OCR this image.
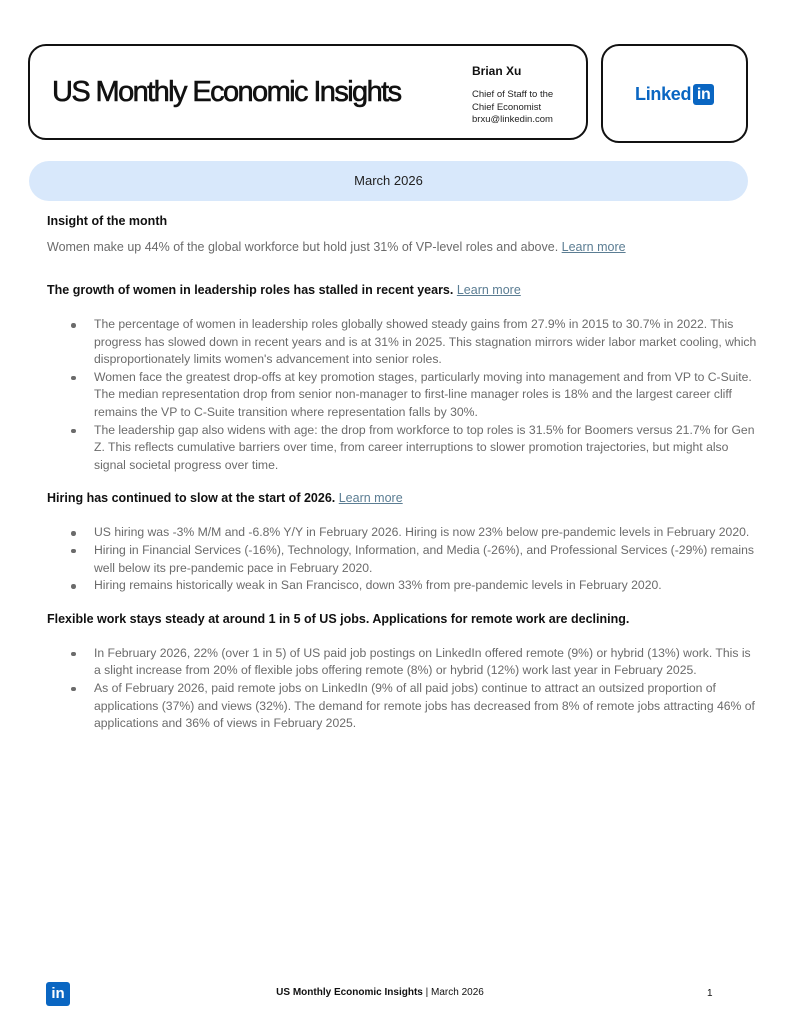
US Monthly Economic Insights
Brian Xu
Chief of Staff to the
Chief Economist
brxu@linkedin.com
Linked in
March 2026

Insight of the month

Women make up 44% of the global workforce but hold just 31% of VP-level roles and above. Learn more

The growth of women in leadership roles has stalled in recent years. Learn more

The percentage of women in leadership roles globally showed steady gains from 27.9% in 2015 to 30.7% in 2022. This progress has slowed down in recent years and is at 31% in 2025. This stagnation mirrors wider labor market cooling, which disproportionately limits women's advancement into senior roles.
Women face the greatest drop-offs at key promotion stages, particularly moving into management and from VP to C-Suite. The median representation drop from senior non-manager to first-line manager roles is 18% and the largest career cliff remains the VP to C-Suite transition where representation falls by 30%.
The leadership gap also widens with age: the drop from workforce to top roles is 31.5% for Boomers versus 21.7% for Gen Z. This reflects cumulative barriers over time, from career interruptions to slower promotion trajectories, but might also signal societal progress over time.

Hiring has continued to slow at the start of 2026. Learn more

US hiring was -3% M/M and -6.8% Y/Y in February 2026. Hiring is now 23% below pre-pandemic levels in February 2020.
Hiring in Financial Services (-16%), Technology, Information, and Media (-26%), and Professional Services (-29%) remains well below its pre-pandemic pace in February 2020.
Hiring remains historically weak in San Francisco, down 33% from pre-pandemic levels in February 2020.

Flexible work stays steady at around 1 in 5 of US jobs. Applications for remote work are declining.

In February 2026, 22% (over 1 in 5) of US paid job postings on LinkedIn offered remote (9%) or hybrid (13%) work. This is a slight increase from 20% of flexible jobs offering remote (8%) or hybrid (12%) work last year in February 2025.
As of February 2026, paid remote jobs on LinkedIn (9% of all paid jobs) continue to attract an outsized proportion of applications (37%) and views (32%). The demand for remote jobs has decreased from 8% of remote jobs attracting 46% of applications and 36% of views in February 2025.
in	US Monthly Economic Insights | March 2026	1
